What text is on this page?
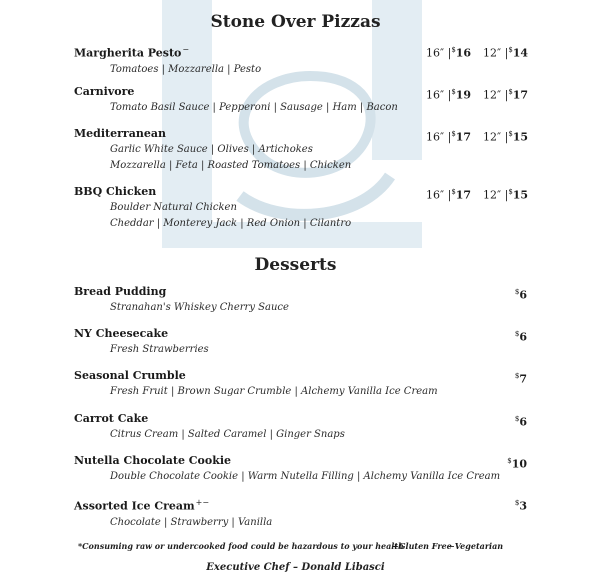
Stone Over Pizzas
Margherita Pesto−
Tomatoes | Mozzarella | Pesto
16″ |$16 12″ |$14
Carnivore
Tomato Basil Sauce | Pepperoni | Sausage | Ham | Bacon
16″ |$19 12″ |$17
Mediterranean
Garlic White Sauce | Olives | Artichokes
Mozzarella | Feta | Roasted Tomatoes | Chicken
16″ |$17 12″ |$15
BBQ Chicken
Boulder Natural Chicken
Cheddar | Monterey Jack | Red Onion | Cilantro
16″ |$17 12″ |$15
Desserts
Bread Pudding
Stranahan's Whiskey Cherry Sauce
$6
NY Cheesecake
Fresh Strawberries
$6
Seasonal Crumble
Fresh Fruit | Brown Sugar Crumble | Alchemy Vanilla Ice Cream
$7
Carrot Cake
Citrus Cream | Salted Caramel | Ginger Snaps
$6
Nutella Chocolate Cookie
Double Chocolate Cookie | Warm Nutella Filling | Alchemy Vanilla Ice Cream
$10
Assorted Ice Cream+−
Chocolate | Strawberry | Vanilla
$3
*Consuming raw or undercooked food could be hazardous to your health
+Gluten Free
−Vegetarian
Executive Chef – Donald Libasci
